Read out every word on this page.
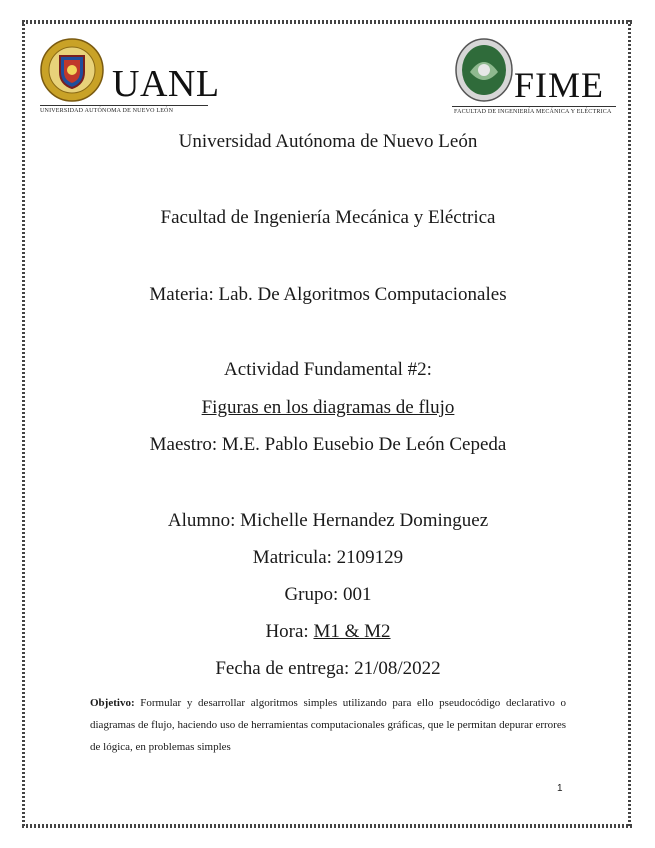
UANL
UNIVERSIDAD AUTÓNOMA DE NUEVO LEÓN
FIME
FACULTAD DE INGENIERÍA MECÁNICA Y ELÉCTRICA
Universidad Autónoma de Nuevo León
Facultad de Ingeniería Mecánica y Eléctrica
Materia: Lab. De Algoritmos Computacionales
Actividad Fundamental #2:
Figuras en los diagramas de flujo
Maestro: M.E. Pablo Eusebio De León Cepeda
Alumno: Michelle Hernandez Dominguez
Matricula: 2109129
Grupo: 001
Hora: M1 & M2
Fecha de entrega: 21/08/2022
Objetivo: Formular y desarrollar algoritmos simples utilizando para ello pseudocódigo declarativo o diagramas de flujo, haciendo uso de herramientas computacionales gráficas, que le permitan depurar errores de lógica, en problemas simples
1
